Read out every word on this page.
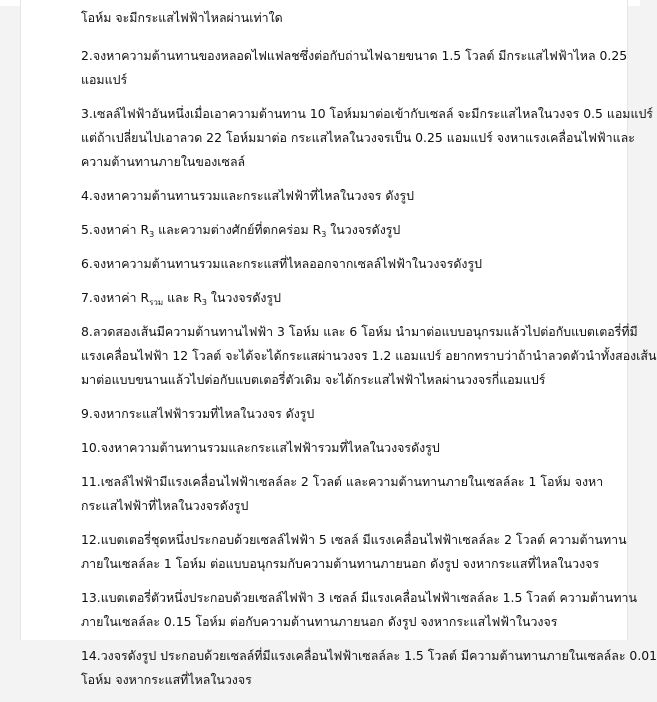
โอห์ม จะมีกระแสไฟฟ้าไหลผ่านเท่าใด
2.จงหาความต้านทานของหลอดไฟแฟลชซึ่งต่อกับถ่านไฟฉายขนาด 1.5 โวลต์ มีกระแสไฟฟ้าไหล 0.25
แอมแปร์
3.เซลล์ไฟฟ้าอันหนึ่งเมื่อเอาความต้านทาน 10 โอห์มมาต่อเข้ากับเซลล์ จะมีกระแสไหลในวงจร 0.5 แอมแปร์
แต่ถ้าเปลี่ยนไปเอาลวด 22 โอห์มมาต่อ กระแสไหลในวงจรเป็น 0.25 แอมแปร์ จงหาแรงเคลื่อนไฟฟ้าและ
ความต้านทานภายในของเซลล์
4.จงหาความต้านทานรวมและกระแสไฟฟ้าที่ไหลในวงจร ดังรูป
5.จงหาค่า $R_3$ และความต่างศักย์ที่ตกคร่อม $R_3$ ในวงจรดังรูป
6.จงหาความต้านทานรวมและกระแสที่ไหลออกจากเซลล์ไฟฟ้าในวงจรดังรูป
7.จงหาค่า $R_{รวม}$ และ $R_3$ ในวงจรดังรูป
8.ลวดสองเส้นมีความต้านทานไฟฟ้า 3 โอห์ม และ 6 โอห์ม นำมาต่อแบบอนุกรมแล้วไปต่อกับแบตเตอรี่ที่มี
แรงเคลื่อนไฟฟ้า 12 โวลต์ จะได้จะได้กระแสผ่านวงจร 1.2 แอมแปร์ อยากทราบว่าถ้านำลวดตัวนำทั้งสองเส้น
มาต่อแบบขนานแล้วไปต่อกับแบตเตอรี่ตัวเดิม จะได้กระแสไฟฟ้าไหลผ่านวงจรกี่แอมแปร์
9.จงหากระแสไฟฟ้ารวมที่ไหลในวงจร ดังรูป
10.จงหาความต้านทานรวมและกระแสไฟฟ้ารวมที่ไหลในวงจรดังรูป
11.เซลล์ไฟฟ้ามีแรงเคลื่อนไฟฟ้าเซลล์ละ 2 โวลต์ และความต้านทานภายในเซลล์ละ 1 โอห์ม จงหา
กระแสไฟฟ้าที่ไหลในวงจรดังรูป
12.แบตเตอรี่ชุดหนึ่งประกอบด้วยเซลล์ไฟฟ้า 5 เซลล์ มีแรงเคลื่อนไฟฟ้าเซลล์ละ 2 โวลต์ ความต้านทาน
ภายในเซลล์ละ 1 โอห์ม ต่อแบบอนุกรมกับความต้านทานภายนอก ดังรูป จงหากระแสที่ไหลในวงจร
13.แบตเตอรี่ตัวหนึ่งประกอบด้วยเซลล์ไฟฟ้า 3 เซลล์ มีแรงเคลื่อนไฟฟ้าเซลล์ละ 1.5 โวลต์ ความต้านทาน
ภายในเซลล์ละ 0.15 โอห์ม ต่อกับความต้านทานภายนอก ดังรูป จงหากระแสไฟฟ้าในวงจร
14.วงจรดังรูป ประกอบด้วยเซลล์ที่มีแรงเคลื่อนไฟฟ้าเซลล์ละ 1.5 โวลต์ มีความต้านทานภายในเซลล์ละ 0.01
โอห์ม จงหากระแสที่ไหลในวงจร
